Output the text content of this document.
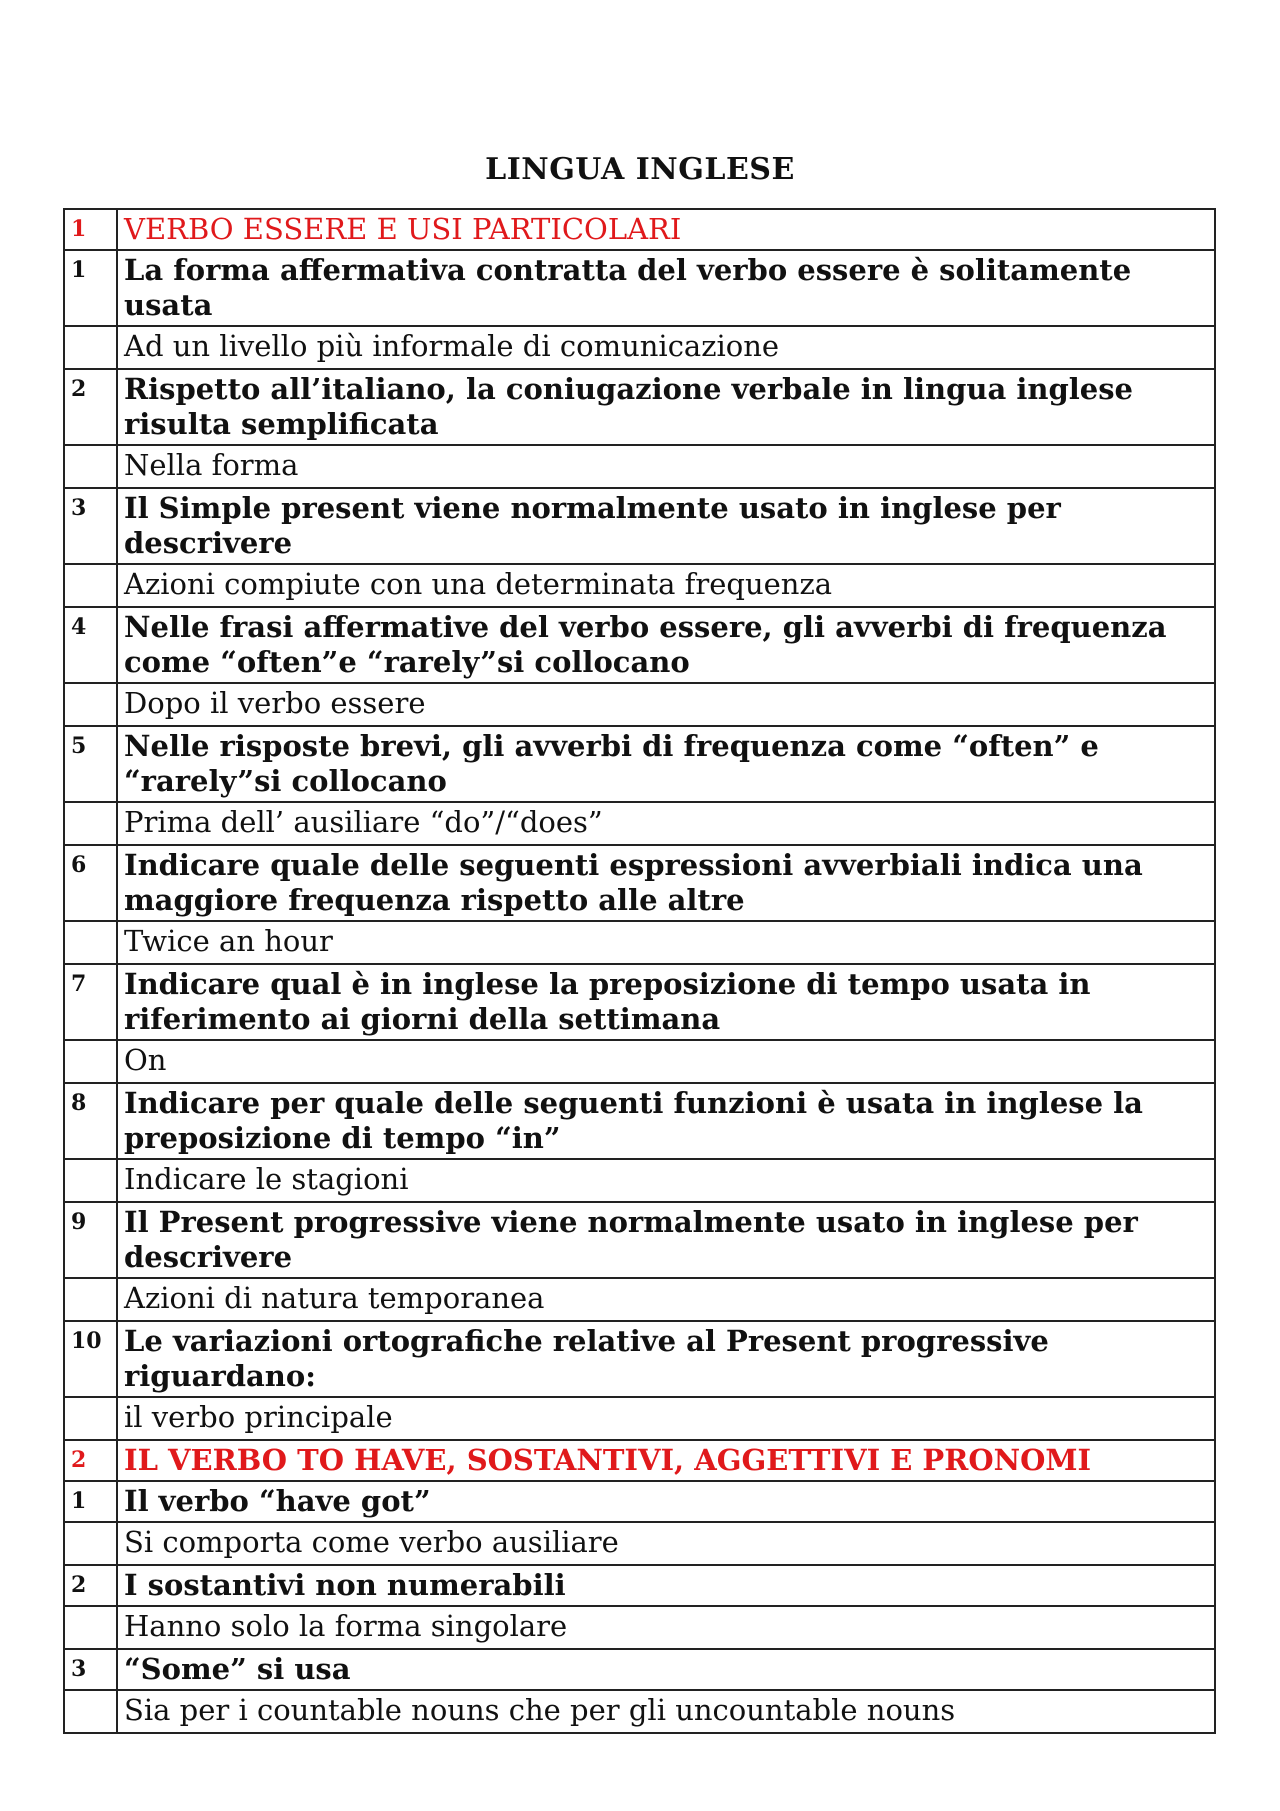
LINGUA INGLESE
1	VERBO ESSERE E USI PARTICOLARI
1	La forma affermativa contratta del verbo essere è solitamente usata
	Ad un livello più informale di comunicazione
2	Rispetto all’italiano, la coniugazione verbale in lingua inglese risulta semplificata
	Nella forma
3	Il Simple present viene normalmente usato in inglese per descrivere
	Azioni compiute con una determinata frequenza
4	Nelle frasi affermative del verbo essere, gli avverbi di frequenza come “often”e “rarely”si collocano
	Dopo il verbo essere
5	Nelle risposte brevi, gli avverbi di frequenza come “often” e “rarely”si collocano
	Prima dell’ ausiliare “do”/“does”
6	Indicare quale delle seguenti espressioni avverbiali indica una maggiore frequenza rispetto alle altre
	Twice an hour
7	Indicare qual è in inglese la preposizione di tempo usata in riferimento ai giorni della settimana
	On
8	Indicare per quale delle seguenti funzioni è usata in inglese la preposizione di tempo “in”
	Indicare le stagioni
9	Il Present progressive viene normalmente usato in inglese per descrivere
	Azioni di natura temporanea
10	Le variazioni ortografiche relative al Present progressive riguardano:
	il verbo principale
2	IL VERBO TO HAVE, SOSTANTIVI, AGGETTIVI E PRONOMI
1	Il verbo “have got”
	Si comporta come verbo ausiliare
2	I sostantivi non numerabili
	Hanno solo la forma singolare
3	“Some” si usa
	Sia per i countable nouns che per gli uncountable nouns
